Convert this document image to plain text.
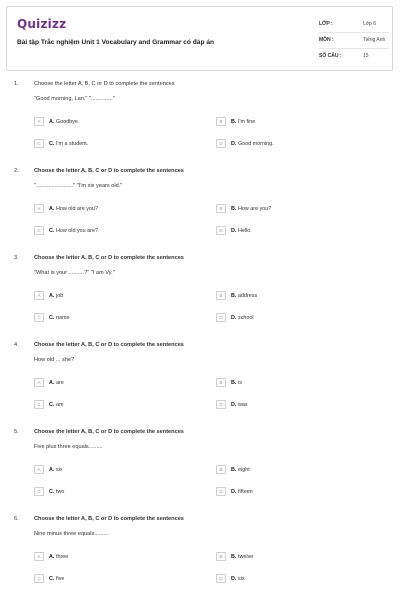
Quizizz
Bài tập Trắc nghiệm Unit 1 Vocabulary and Grammar có đáp án
LỚP :	Lớp 6
MÔN :	Tiếng Anh
SỐ CÂU :	15
1.	Choose the letter A, B, C or D to complete the sentences
"Good morning, Lan." ".............."
A	A. Goodbye.	B	B. I'm fine
C	C. I'm a student.	D	D. Good morning.
2.	Choose the letter A, B, C or D to complete the sentences
"........................" "I'm six years old."
A	A. How old are you?	B	B. How are you?
C	C. How old you are?	D	D. Hello.
3.	Choose the letter A, B, C or D to complete the sentences
"What is your ..........?" "I am Vy."
A	A. job	B	B. address
C	C. name	D	D. school
4.	Choose the letter A, B, C or D to complete the sentences
How old ... she?
A	A. are	B	B. is
C	C. am	D	D. was
5.	Choose the letter A, B, C or D to complete the sentences
Five plus three equals.........
A	A. six	B	B. eight
C	C. two	D	D. fifteen
6.	Choose the letter A, B, C or D to complete the sentences
Nine minus three equals.........
A	A. three	B	B. twelve
C	C. five	D	D. six
